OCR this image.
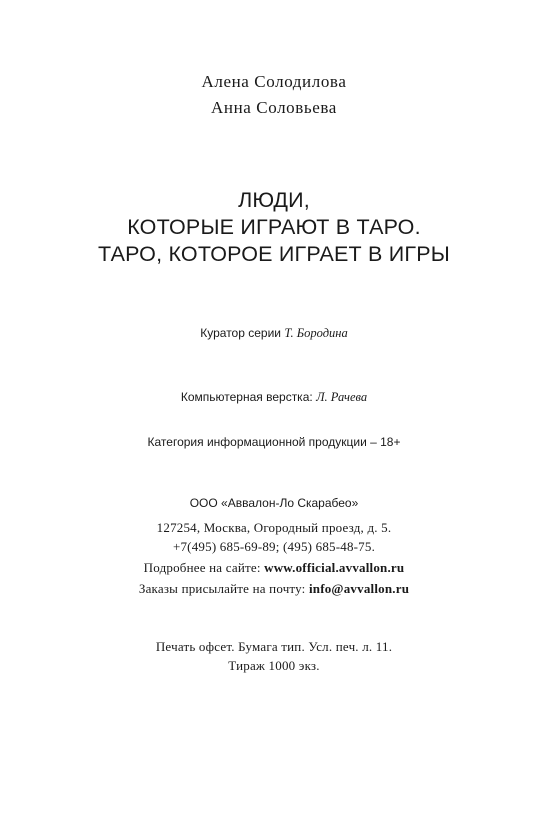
Алена Солодилова
Анна Соловьева
ЛЮДИ,
КОТОРЫЕ ИГРАЮТ В ТАРО.
ТАРО, КОТОРОЕ ИГРАЕТ В ИГРЫ
Куратор серии Т. Бородина
Компьютерная верстка: Л. Рачева
Категория информационной продукции – 18+
ООО «Аввалон-Ло Скарабео»
127254, Москва, Огородный проезд, д. 5.
+7(495) 685-69-89; (495) 685-48-75.
Подробнее на сайте: www.official.avvallon.ru
Заказы присылайте на почту: info@avvallon.ru
Печать офсет. Бумага тип. Усл. печ. л. 11.
Тираж 1000 экз.
